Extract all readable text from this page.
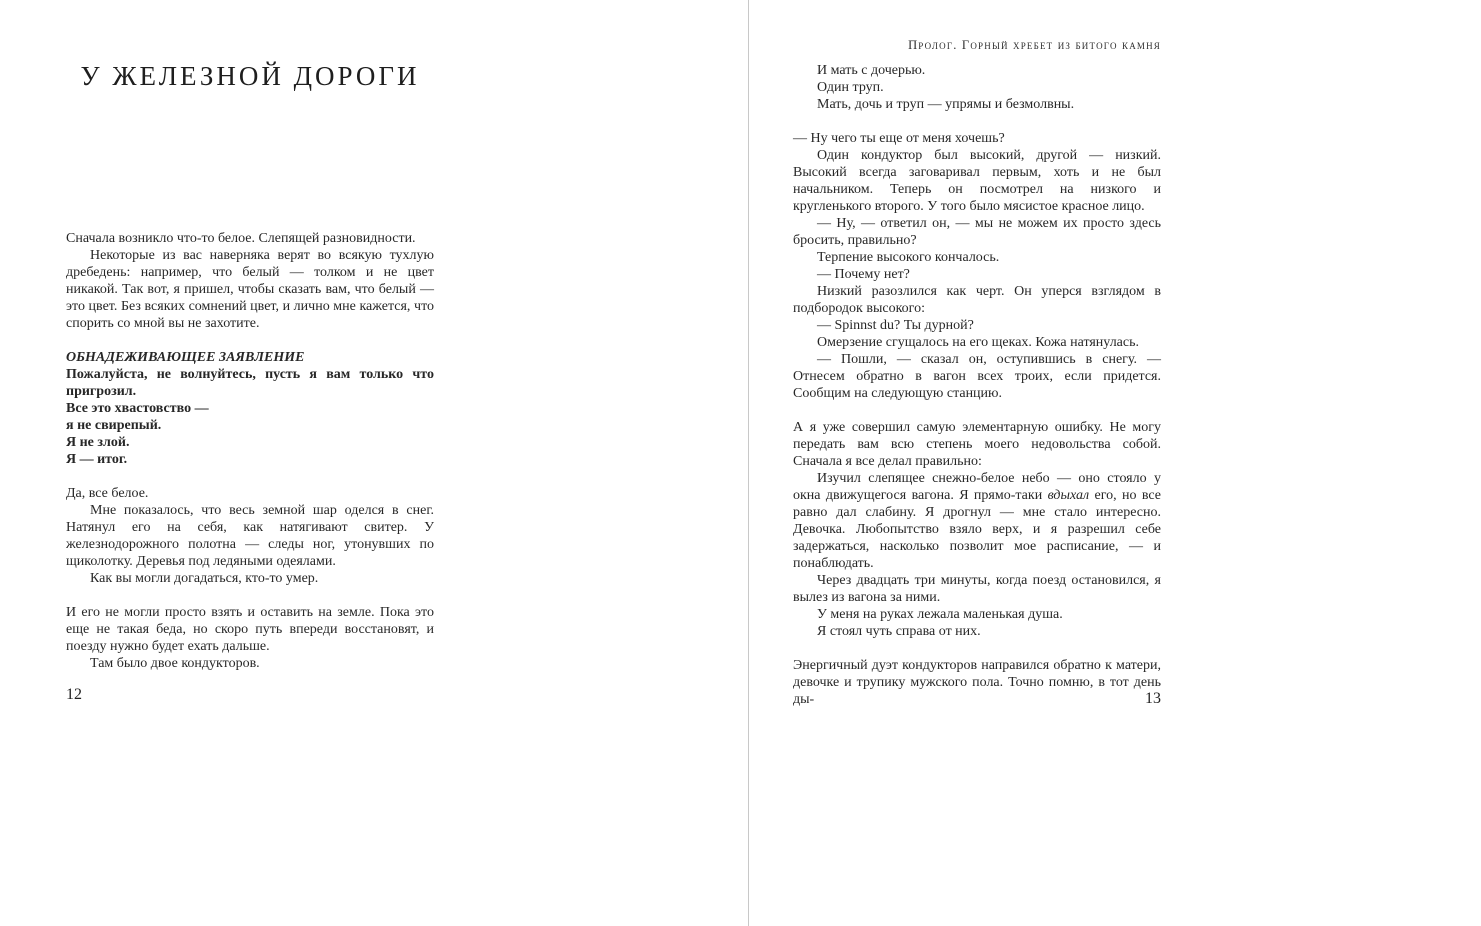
У ЖЕЛЕЗНОЙ ДОРОГИ

Сначала возникло что-то белое. Слепящей разновидности.

Некоторые из вас наверняка верят во всякую тухлую дребедень: например, что белый — толком и не цвет никакой. Так вот, я пришел, чтобы сказать вам, что белый — это цвет. Без всяких сомнений цвет, и лично мне кажется, что спорить со мной вы не захотите.

ОБНАДЕЖИВАЮЩЕЕ ЗАЯВЛЕНИЕ

Пожалуйста, не волнуйтесь, пусть я вам только что пригрозил.

Все это хвастовство —

я не свирепый.

Я не злой.

Я — итог.

Да, все белое.

Мне показалось, что весь земной шар оделся в снег. Натянул его на себя, как натягивают свитер. У железнодорожного полотна — следы ног, утонувших по щиколотку. Деревья под ледяными одеялами.

Как вы могли догадаться, кто-то умер.

И его не могли просто взять и оставить на земле. Пока это еще не такая беда, но скоро путь впереди восстановят, и поезду нужно будет ехать дальше.

Там было двое кондукторов.

12
Пролог. Горный хребет из битого камня

И мать с дочерью.

Один труп.

Мать, дочь и труп — упрямы и безмолвны.

— Ну чего ты еще от меня хочешь?

Один кондуктор был высокий, другой — низкий. Высокий всегда заговаривал первым, хоть и не был начальником. Теперь он посмотрел на низкого и кругленького второго. У того было мясистое красное лицо.

— Ну, — ответил он, — мы не можем их просто здесь бросить, правильно?

Терпение высокого кончалось.

— Почему нет?

Низкий разозлился как черт. Он уперся взглядом в подбородок высокого:

— Spinnst du? Ты дурной?

Омерзение сгущалось на его щеках. Кожа натянулась.

— Пошли, — сказал он, оступившись в снегу. — Отнесем обратно в вагон всех троих, если придется. Сообщим на следующую станцию.

А я уже совершил самую элементарную ошибку. Не могу передать вам всю степень моего недовольства собой. Сначала я все делал правильно:

Изучил слепящее снежно-белое небо — оно стояло у окна движущегося вагона. Я прямо-таки вдыхал его, но все равно дал слабину. Я дрогнул — мне стало интересно. Девочка. Любопытство взяло верх, и я разрешил себе задержаться, насколько позволит мое расписание, — и понаблюдать.

Через двадцать три минуты, когда поезд остановился, я вылез из вагона за ними.

У меня на руках лежала маленькая душа.

Я стоял чуть справа от них.

Энергичный дуэт кондукторов направился обратно к матери, девочке и трупику мужского пола. Точно помню, в тот день ды-	13
